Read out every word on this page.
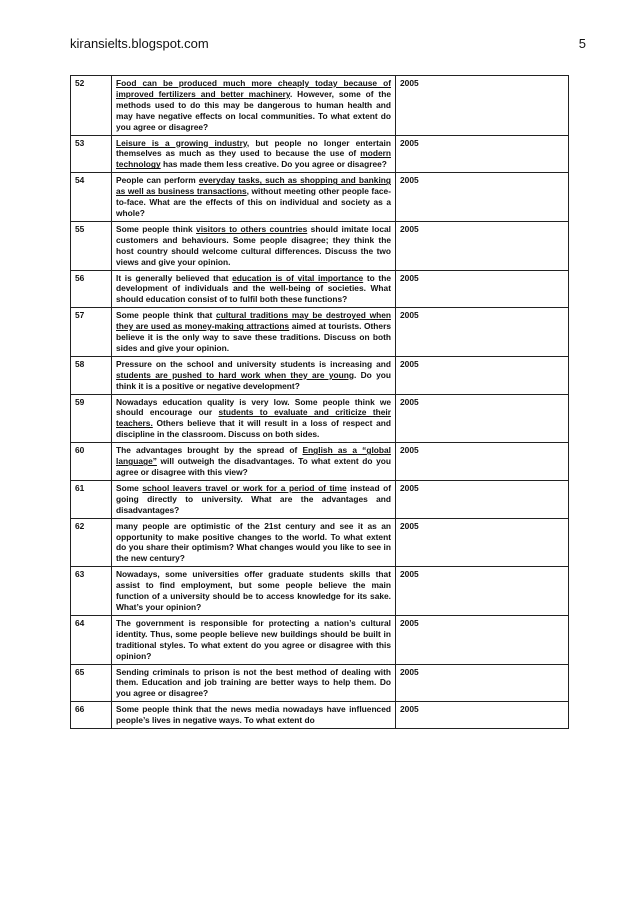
kiransielts.blogspot.com	5
52	Food can be produced much more cheaply today because of improved fertilizers and better machinery. However, some of the methods used to do this may be dangerous to human health and may have negative effects on local communities. To what extent do you agree or disagree?	2005
53	Leisure is a growing industry, but people no longer entertain themselves as much as they used to because the use of modern technology has made them less creative. Do you agree or disagree?	2005
54	People can perform everyday tasks, such as shopping and banking as well as business transactions, without meeting other people face-to-face. What are the effects of this on individual and society as a whole?	2005
55	Some people think visitors to others countries should imitate local customers and behaviours. Some people disagree; they think the host country should welcome cultural differences. Discuss the two views and give your opinion.	2005
56	It is generally believed that education is of vital importance to the development of individuals and the well-being of societies. What should education consist of to fulfil both these functions?	2005
57	Some people think that cultural traditions may be destroyed when they are used as money-making attractions aimed at tourists. Others believe it is the only way to save these traditions. Discuss on both sides and give your opinion.	2005
58	Pressure on the school and university students is increasing and students are pushed to hard work when they are young. Do you think it is a positive or negative development?	2005
59	Nowadays education quality is very low. Some people think we should encourage our students to evaluate and criticize their teachers. Others believe that it will result in a loss of respect and discipline in the classroom. Discuss on both sides.	2005
60	The advantages brought by the spread of English as a “global language” will outweigh the disadvantages. To what extent do you agree or disagree with this view?	2005
61	Some school leavers travel or work for a period of time instead of going directly to university. What are the advantages and disadvantages?	2005
62	many people are optimistic of the 21st century and see it as an opportunity to make positive changes to the world. To what extent do you share their optimism? What changes would you like to see in the new century?	2005
63	Nowadays, some universities offer graduate students skills that assist to find employment, but some people believe the main function of a university should be to access knowledge for its sake. What’s your opinion?	2005
64	The government is responsible for protecting a nation’s cultural identity. Thus, some people believe new buildings should be built in traditional styles. To what extent do you agree or disagree with this opinion?	2005
65	Sending criminals to prison is not the best method of dealing with them. Education and job training are better ways to help them. Do you agree or disagree?	2005
66	Some people think that the news media nowadays have influenced people’s lives in negative ways. To what extent do	2005
